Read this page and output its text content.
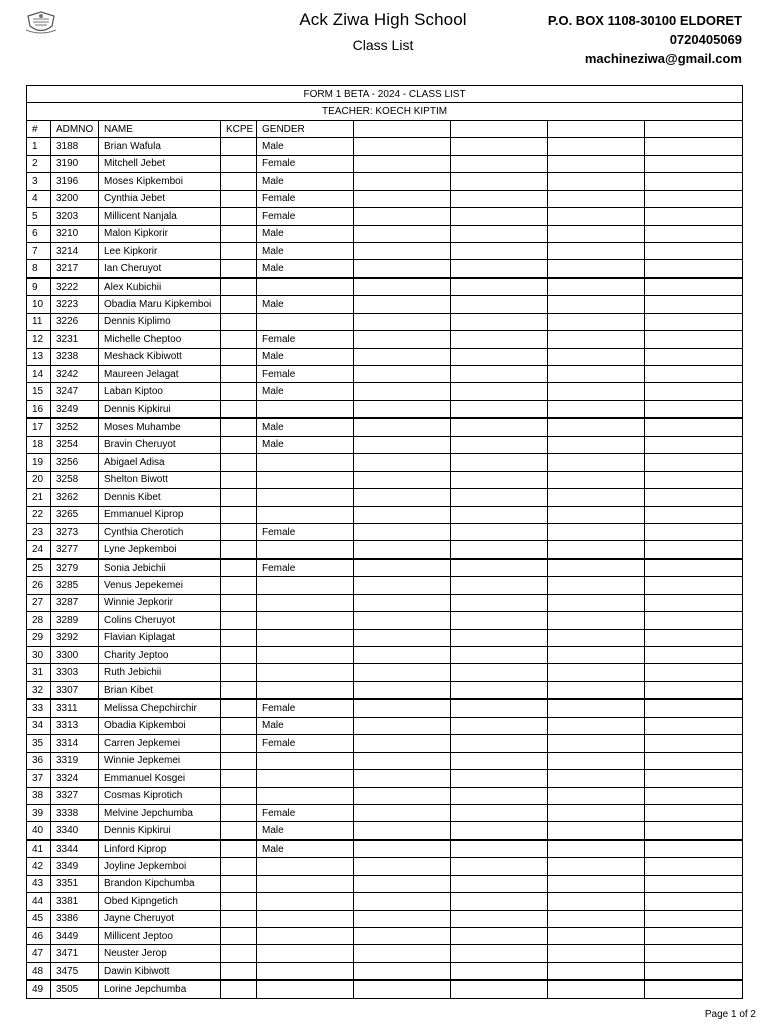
Ack Ziwa High School
Class List
P.O. BOX 1108-30100 ELDORET
0720405069
machineziwa@gmail.com
FORM 1 BETA - 2024 - CLASS LIST								
TEACHER: KOECH KIPTIM								
#	ADMNO	NAME	KCPE	GENDER				
1	3188	Brian Wafula		Male				
2	3190	Mitchell Jebet		Female				
3	3196	Moses Kipkemboi		Male				
4	3200	Cynthia Jebet		Female				
5	3203	Millicent Nanjala		Female				
6	3210	Malon Kipkorir		Male				
7	3214	Lee Kipkorir		Male				
8	3217	Ian Cheruyot		Male				
9	3222	Alex Kubichii						
10	3223	Obadia Maru Kipkemboi		Male				
11	3226	Dennis Kiplimo						
12	3231	Michelle Cheptoo		Female				
13	3238	Meshack Kibiwott		Male				
14	3242	Maureen Jelagat		Female				
15	3247	Laban Kiptoo		Male				
16	3249	Dennis Kipkirui						
17	3252	Moses Muhambe		Male				
18	3254	Bravin Cheruyot		Male				
19	3256	Abigael Adisa						
20	3258	Shelton Biwott						
21	3262	Dennis Kibet						
22	3265	Emmanuel Kiprop						
23	3273	Cynthia Cherotich		Female				
24	3277	Lyne Jepkemboi						
25	3279	Sonia Jebichii		Female				
26	3285	Venus Jepekemei						
27	3287	Winnie Jepkorir						
28	3289	Colins Cheruyot						
29	3292	Flavian Kiplagat						
30	3300	Charity Jeptoo						
31	3303	Ruth Jebichii						
32	3307	Brian Kibet						
33	3311	Melissa Chepchirchir		Female				
34	3313	Obadia Kipkemboi		Male				
35	3314	Carren Jepkemei		Female				
36	3319	Winnie Jepkemei						
37	3324	Emmanuel Kosgei						
38	3327	Cosmas Kiprotich						
39	3338	Melvine Jepchumba		Female				
40	3340	Dennis Kipkirui		Male				
41	3344	Linford Kiprop		Male				
42	3349	Joyline Jepkemboi						
43	3351	Brandon Kipchumba						
44	3381	Obed Kipngetich						
45	3386	Jayne Cheruyot						
46	3449	Millicent Jeptoo						
47	3471	Neuster Jerop						
48	3475	Dawin Kibiwott						
49	3505	Lorine Jepchumba						
Page 1 of 2
